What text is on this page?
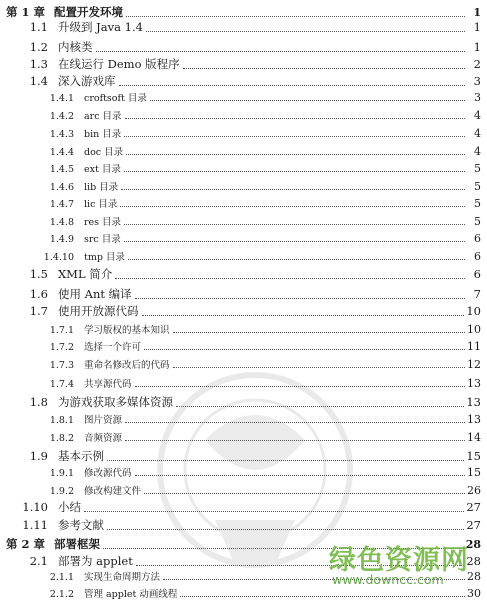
第 1 章 配置开发环境	1
1.1 升级到 Java 1.4	1
1.2 内核类	1
1.3 在线运行 Demo 版程序	2
1.4 深入游戏库	3
1.4.1 croftsoft 目录	3
1.4.2 arc 目录	4
1.4.3 bin 目录	4
1.4.4 doc 目录	4
1.4.5 ext 目录	5
1.4.6 lib 目录	5
1.4.7 lic 目录	5
1.4.8 res 目录	5
1.4.9 src 目录	6
1.4.10 tmp 目录	6
1.5 XML 简介	6
1.6 使用 Ant 编译	7
1.7 使用开放源代码	10
1.7.1 学习版权的基本知识	10
1.7.2 选择一个许可	11
1.7.3 重命名修改后的代码	12
1.7.4 共享源代码	13
1.8 为游戏获取多媒体资源	13
1.8.1 图片资源	13
1.8.2 音频资源	14
1.9 基本示例	15
1.9.1 修改源代码	15
1.9.2 修改构建文件	26
1.10 小结	27
1.11 参考文献	27
第 2 章 部署框架	28
2.1 部署为 applet	28
2.1.1 实现生命周期方法	28
2.1.2 管理 applet 动画线程	30
绿色资源网
www.downcc.com
